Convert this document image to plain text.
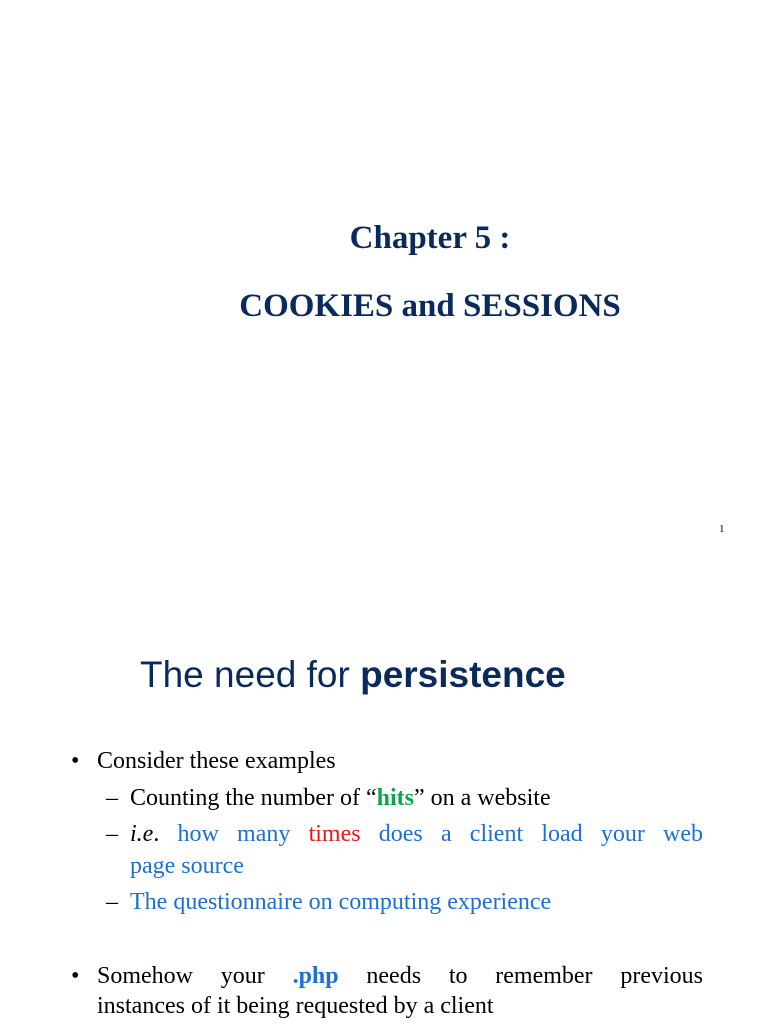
Chapter 5 :
COOKIES and SESSIONS
1
The need for persistence
• Consider these examples
– Counting the number of “hits” on a website
– i.e. how many times does a client load your web
page source
– The questionnaire on computing experience
• Somehow your .php needs to remember previous
instances of it being requested by a client
